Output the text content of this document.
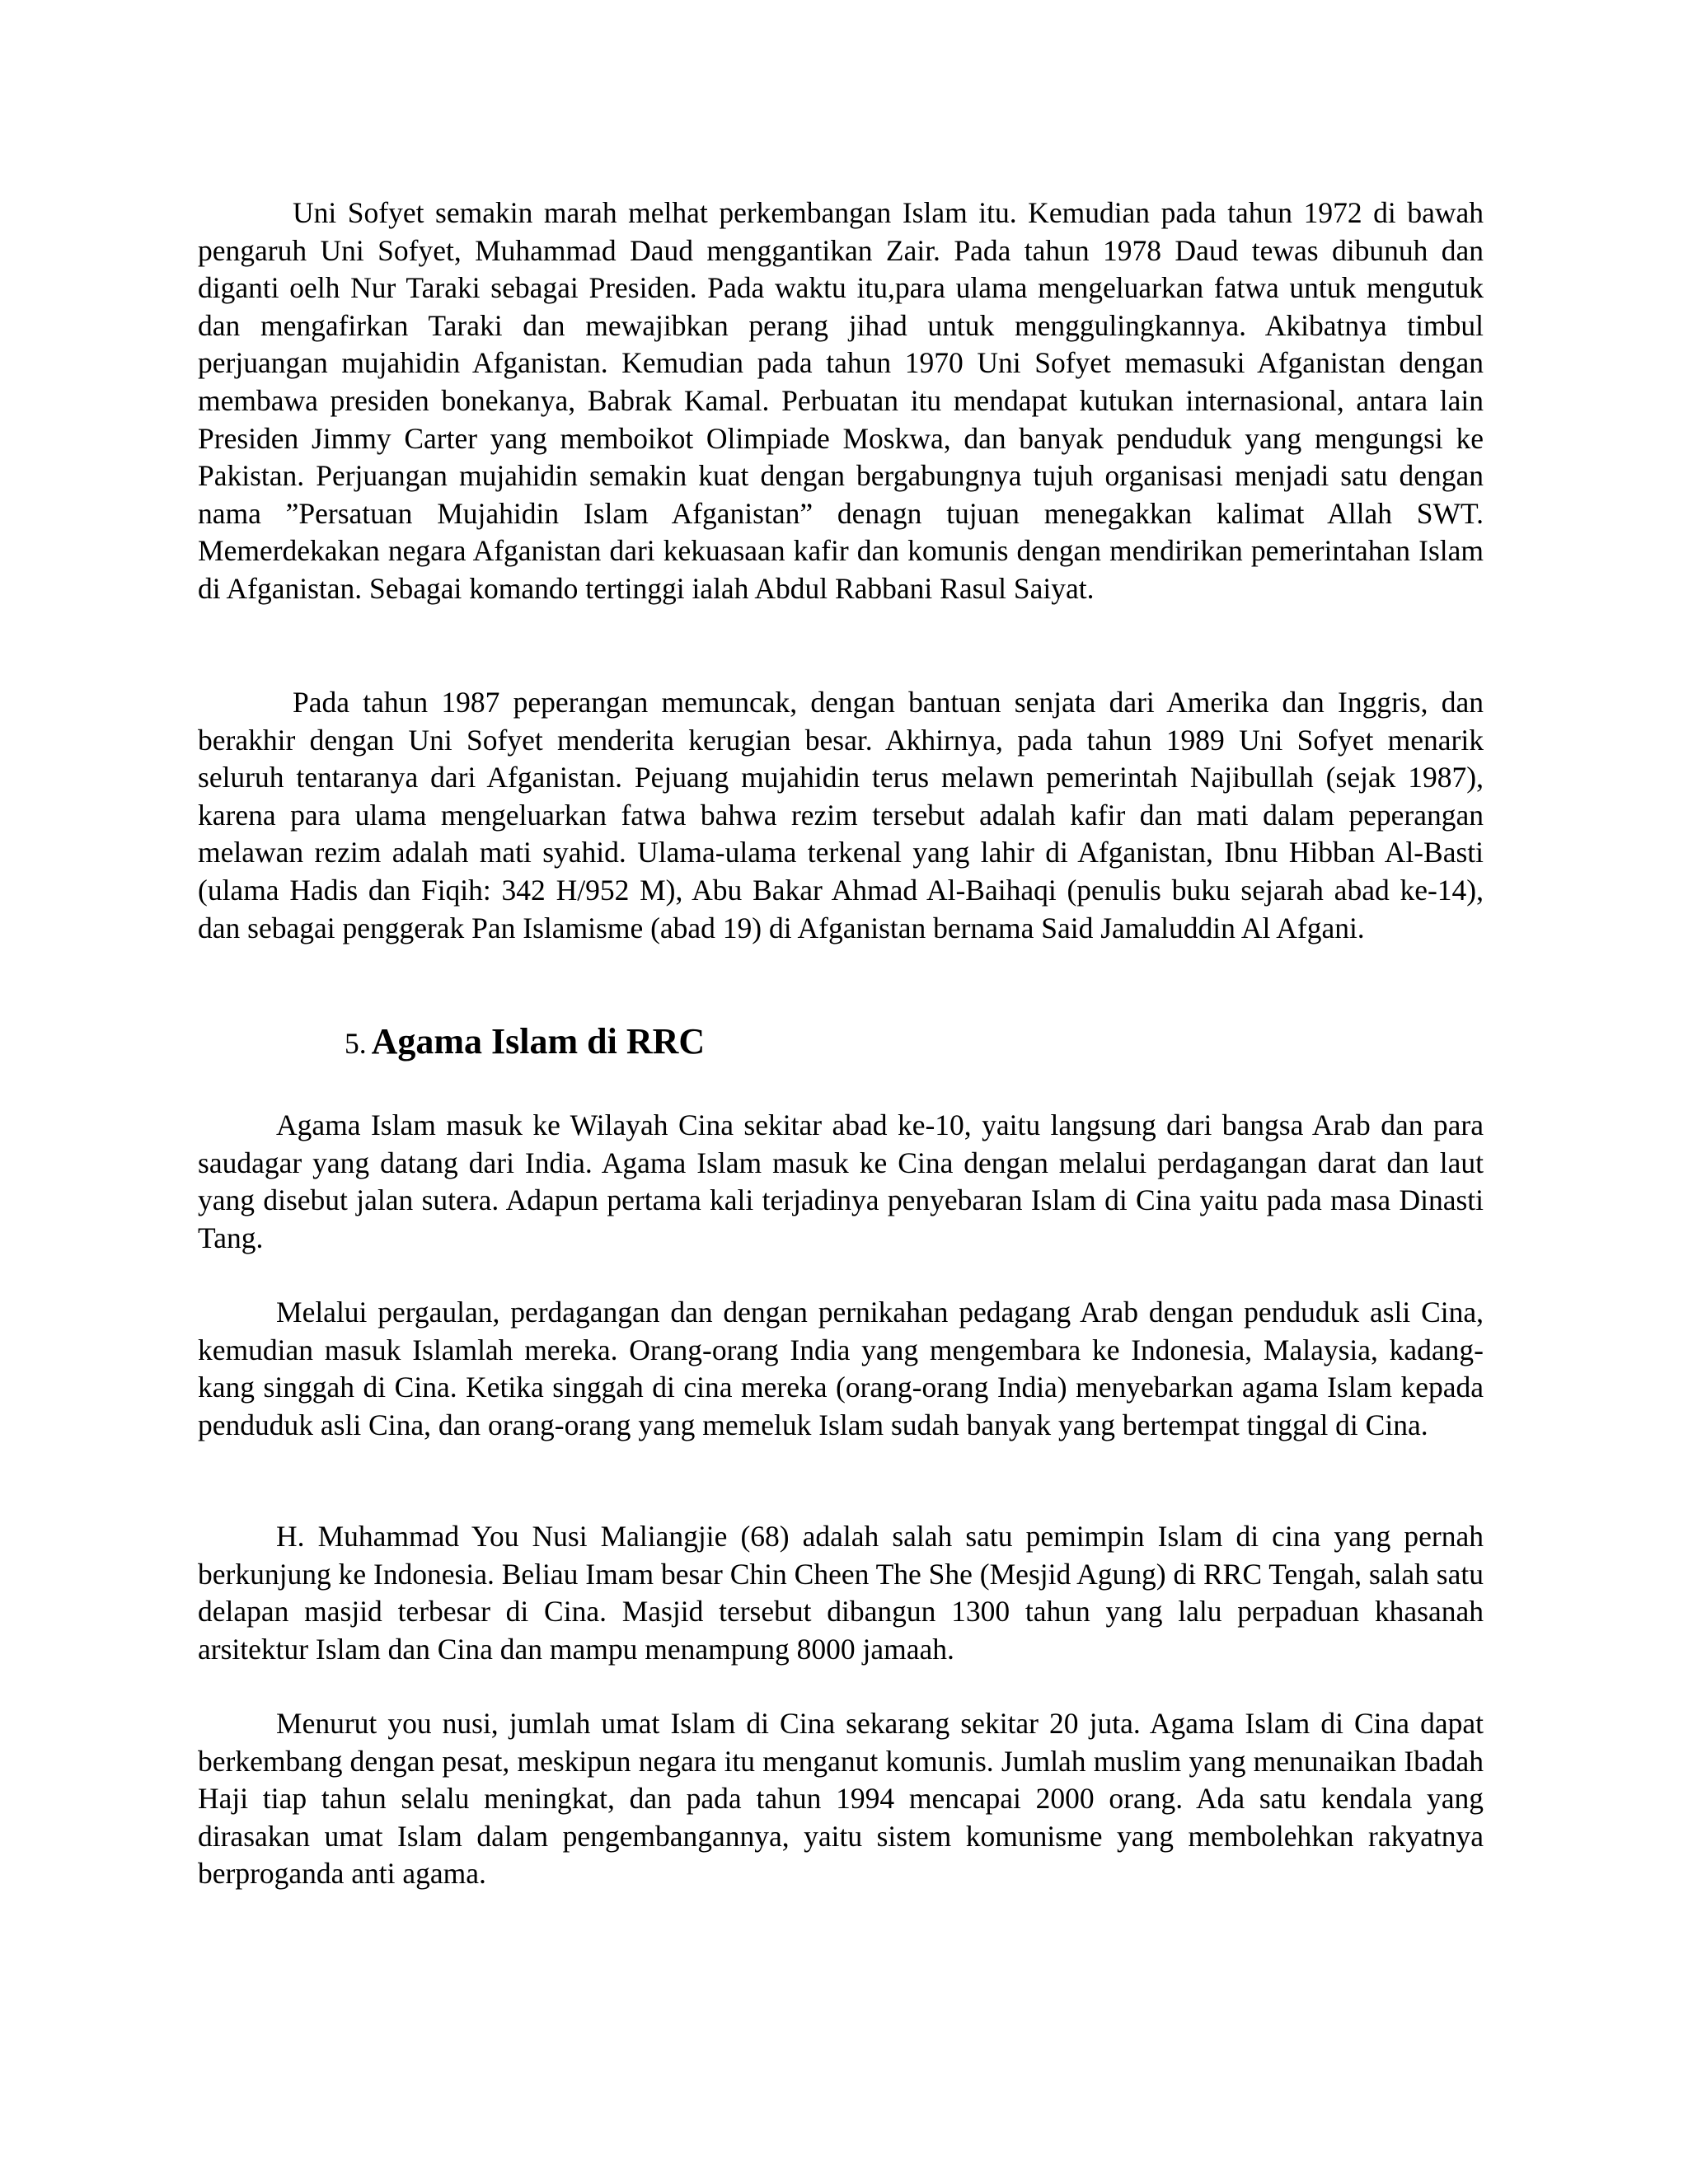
Uni Sofyet semakin marah melhat perkembangan Islam itu. Kemudian pada tahun 1972 di bawah pengaruh Uni Sofyet, Muhammad Daud menggantikan Zair. Pada tahun 1978 Daud tewas dibunuh dan diganti oelh Nur Taraki sebagai Presiden. Pada waktu itu,para ulama mengeluarkan fatwa untuk mengutuk dan mengafirkan Taraki dan mewajibkan perang jihad untuk menggulingkannya. Akibatnya timbul perjuangan mujahidin Afganistan. Kemudian pada tahun 1970 Uni Sofyet memasuki Afganistan dengan membawa presiden bonekanya, Babrak Kamal. Perbuatan itu mendapat kutukan internasional, antara lain Presiden Jimmy Carter yang memboikot Olimpiade Moskwa, dan banyak penduduk yang mengungsi ke Pakistan. Perjuangan mujahidin semakin kuat dengan bergabungnya tujuh organisasi menjadi satu dengan nama ”Persatuan Mujahidin Islam Afganistan” denagn tujuan menegakkan kalimat Allah SWT. Memerdekakan negara Afganistan dari kekuasaan kafir dan komunis dengan mendirikan pemerintahan Islam di Afganistan. Sebagai komando tertinggi ialah Abdul Rabbani Rasul Saiyat.

Pada tahun 1987 peperangan memuncak, dengan bantuan senjata dari Amerika dan Inggris, dan berakhir dengan Uni Sofyet menderita kerugian besar. Akhirnya, pada tahun 1989 Uni Sofyet menarik seluruh tentaranya dari Afganistan. Pejuang mujahidin terus melawn pemerintah Najibullah (sejak 1987), karena para ulama mengeluarkan fatwa bahwa rezim tersebut adalah kafir dan mati dalam peperangan melawan rezim adalah mati syahid. Ulama-ulama terkenal yang lahir di Afganistan, Ibnu Hibban Al-Basti (ulama Hadis dan Fiqih: 342 H/952 M), Abu Bakar Ahmad Al-Baihaqi (penulis buku sejarah abad ke-14), dan sebagai penggerak Pan Islamisme (abad 19) di Afganistan bernama Said Jamaluddin Al Afgani.

5. Agama Islam di RRC

Agama Islam masuk ke Wilayah Cina sekitar abad ke-10, yaitu langsung dari bangsa Arab dan para saudagar yang datang dari India. Agama Islam masuk ke Cina dengan melalui perdagangan darat dan laut yang disebut jalan sutera. Adapun pertama kali terjadinya penyebaran Islam di Cina yaitu pada masa Dinasti Tang.

Melalui pergaulan, perdagangan dan dengan pernikahan pedagang Arab dengan penduduk asli Cina, kemudian masuk Islamlah mereka. Orang-orang India yang mengembara ke Indonesia, Malaysia, kadang-kang singgah di Cina. Ketika singgah di cina mereka (orang-orang India) menyebarkan agama Islam kepada penduduk asli Cina, dan orang-orang yang memeluk Islam sudah banyak yang bertempat tinggal di Cina.

H. Muhammad You Nusi Maliangjie (68) adalah salah satu pemimpin Islam di cina yang pernah berkunjung ke Indonesia. Beliau Imam besar Chin Cheen The She (Mesjid Agung) di RRC Tengah, salah satu delapan masjid terbesar di Cina. Masjid tersebut dibangun 1300 tahun yang lalu perpaduan khasanah arsitektur Islam dan Cina dan mampu menampung 8000 jamaah.

Menurut you nusi, jumlah umat Islam di Cina sekarang sekitar 20 juta. Agama Islam di Cina dapat berkembang dengan pesat, meskipun negara itu menganut komunis. Jumlah muslim yang menunaikan Ibadah Haji tiap tahun selalu meningkat, dan pada tahun 1994 mencapai 2000 orang. Ada satu kendala yang dirasakan umat Islam dalam pengembangannya, yaitu sistem komunisme yang membolehkan rakyatnya berproganda anti agama.
